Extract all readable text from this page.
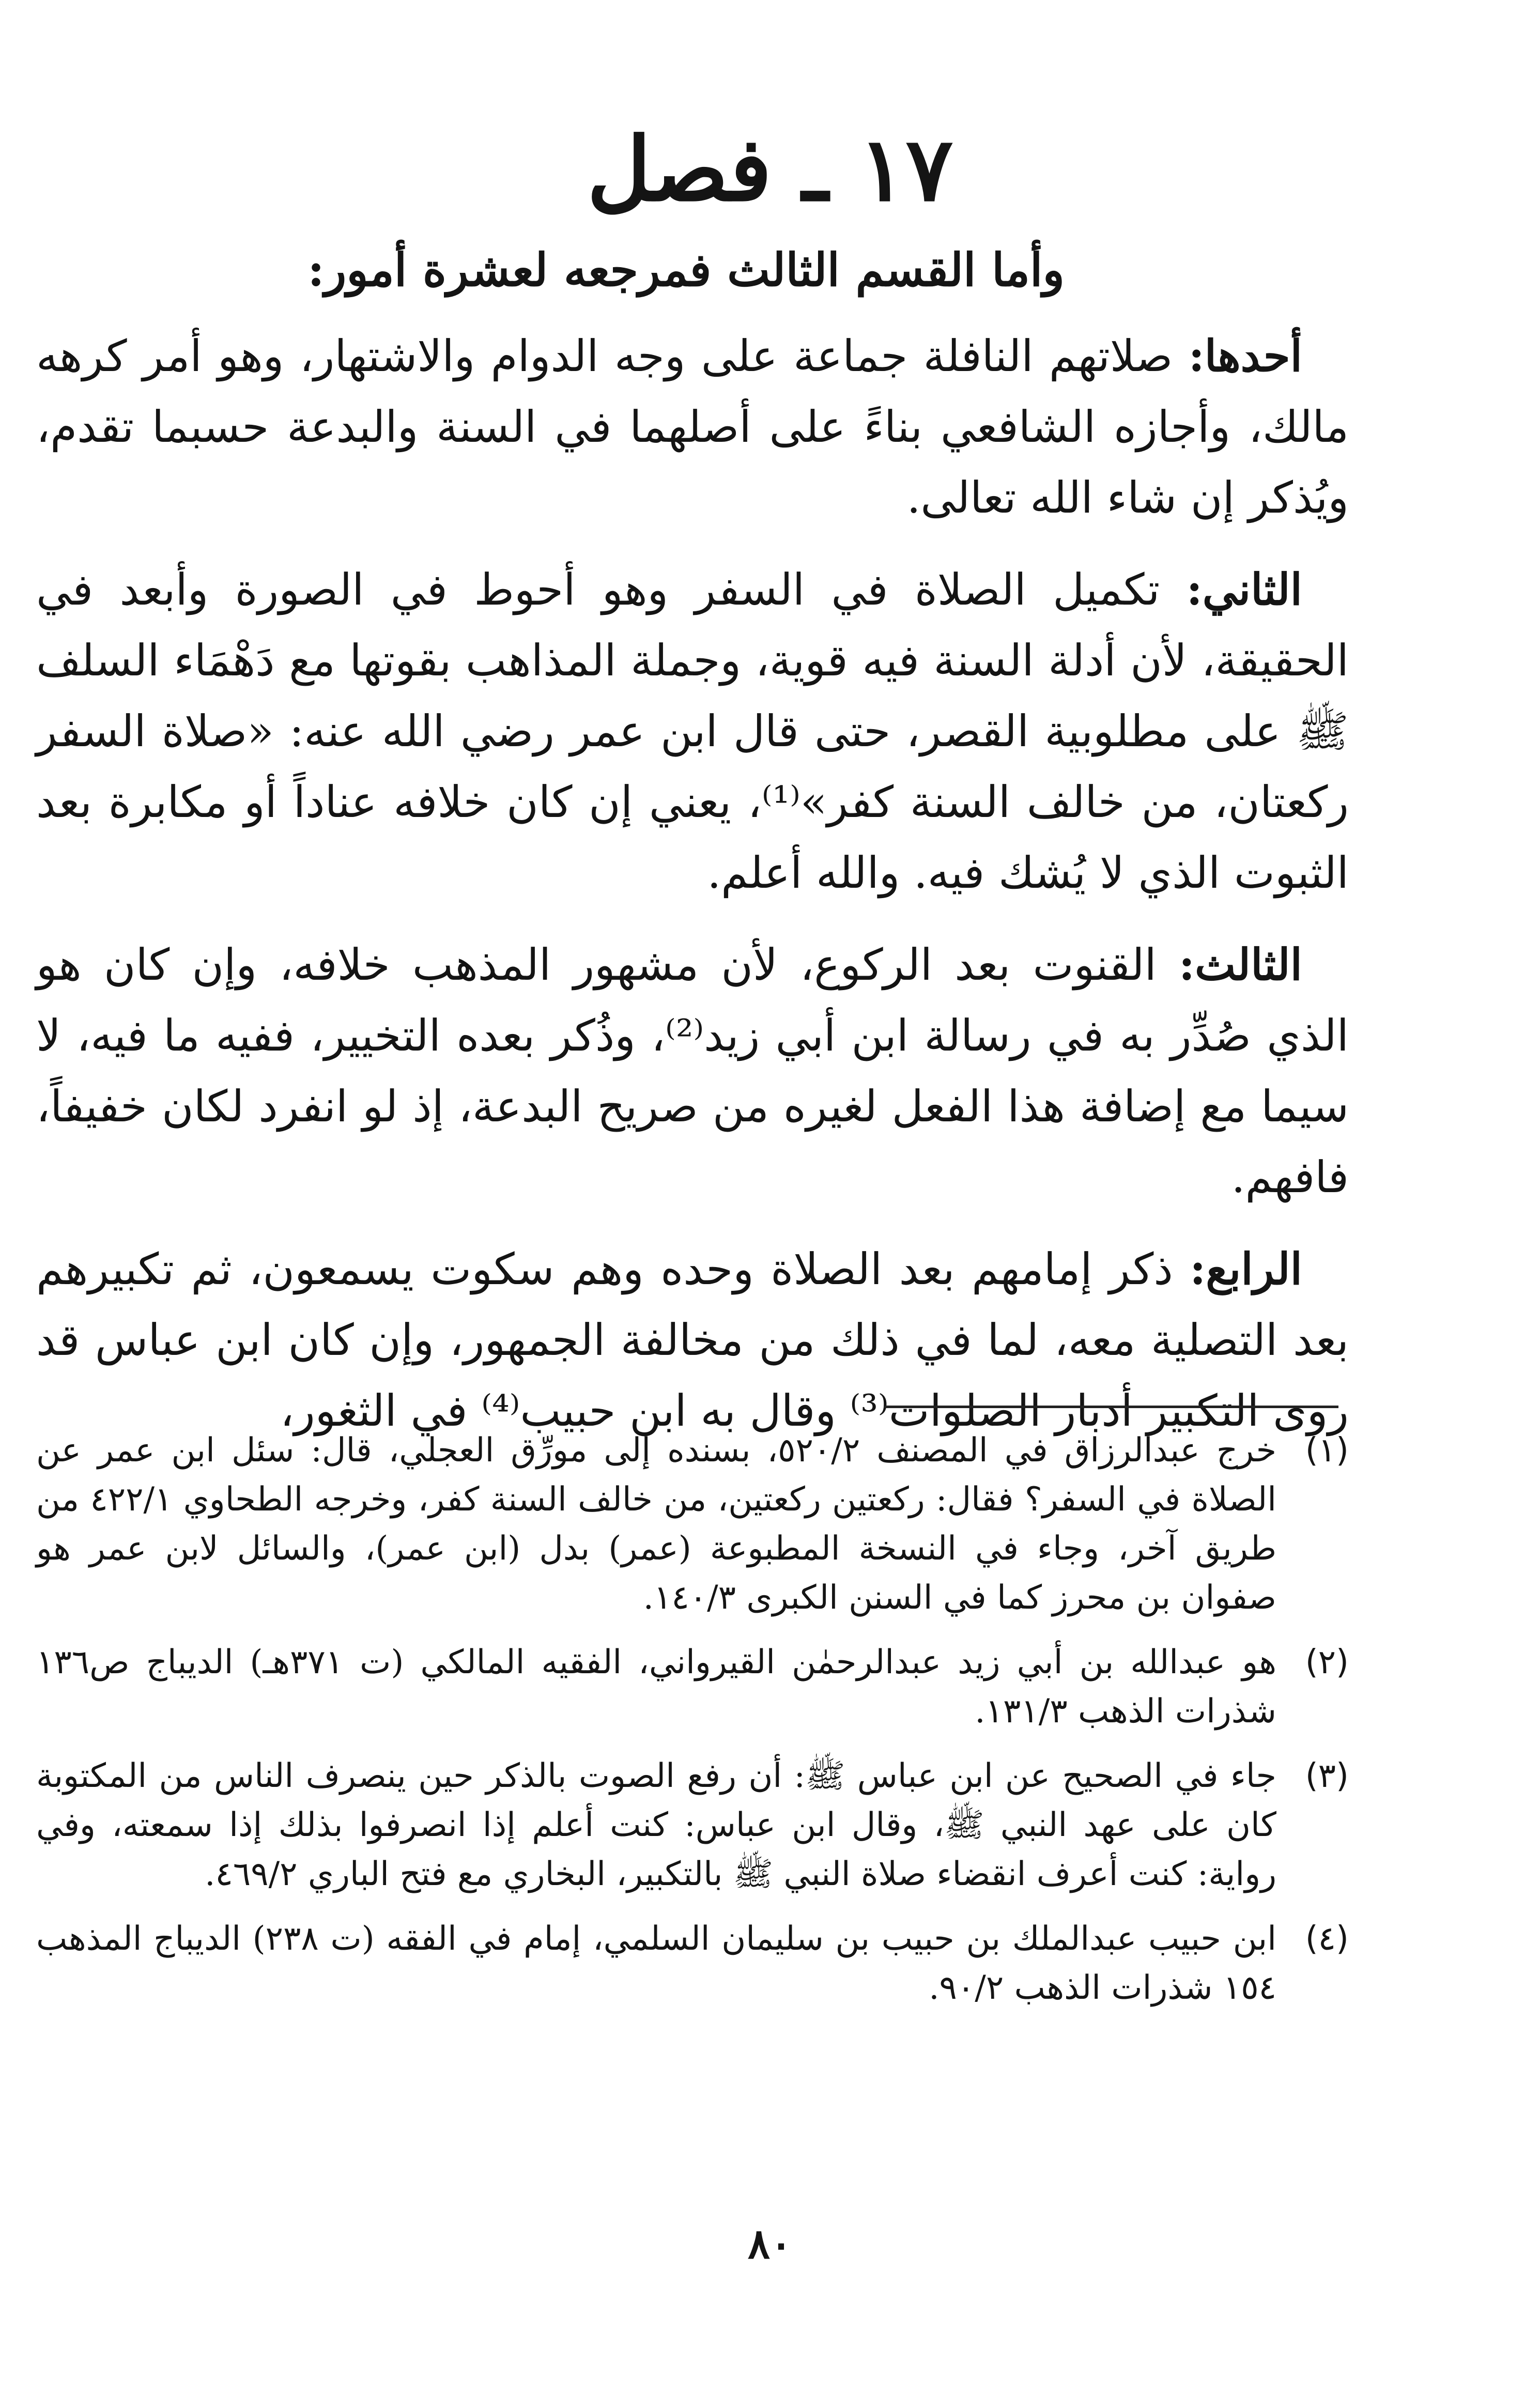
١٧ ـ فصل
وأما القسم الثالث فمرجعه لعشرة أمور:

أحدها: صلاتهم النافلة جماعة على وجه الدوام والاشتهار، وهو أمر كرهه مالك، وأجازه الشافعي بناءً على أصلهما في السنة والبدعة حسبما تقدم، ويُذكر إن شاء الله تعالى.

الثاني: تكميل الصلاة في السفر وهو أحوط في الصورة وأبعد في الحقيقة، لأن أدلة السنة فيه قوية، وجملة المذاهب بقوتها مع دَهْمَاء السلف ﷺ على مطلوبية القصر، حتى قال ابن عمر رضي الله عنه: «صلاة السفر ركعتان، من خالف السنة كفر»⁽¹⁾، يعني إن كان خلافه عناداً أو مكابرة بعد الثبوت الذي لا يُشك فيه. والله أعلم.

الثالث: القنوت بعد الركوع، لأن مشهور المذهب خلافه، وإن كان هو الذي صُدِّر به في رسالة ابن أبي زيد⁽²⁾، وذُكر بعده التخيير، ففيه ما فيه، لا سيما مع إضافة هذا الفعل لغيره من صريح البدعة، إذ لو انفرد لكان خفيفاً، فافهم.

الرابع: ذكر إمامهم بعد الصلاة وحده وهم سكوت يسمعون، ثم تكبيرهم بعد التصلية معه، لما في ذلك من مخالفة الجمهور، وإن كان ابن عباس قد روى التكبير أدبار الصلوات⁽³⁾ وقال به ابن حبيب⁽⁴⁾ في الثغور،

(١)
خرج عبدالرزاق في المصنف ٥٢٠/٢، بسنده إلى مورِّق العجلي، قال: سئل ابن عمر عن الصلاة في السفر؟ فقال: ركعتين ركعتين، من خالف السنة كفر، وخرجه الطحاوي ٤٢٢/١ من طريق آخر، وجاء في النسخة المطبوعة (عمر) بدل (ابن عمر)، والسائل لابن عمر هو صفوان بن محرز كما في السنن الكبرى ١٤٠/٣.
(٢)
هو عبدالله بن أبي زيد عبدالرحمٰن القيرواني، الفقيه المالكي (ت ٣٧١هـ) الديباج ص١٣٦ شذرات الذهب ١٣١/٣.
(٣)
جاء في الصحيح عن ابن عباس ﷺ: أن رفع الصوت بالذكر حين ينصرف الناس من المكتوبة كان على عهد النبي ﷺ، وقال ابن عباس: كنت أعلم إذا انصرفوا بذلك إذا سمعته، وفي رواية: كنت أعرف انقضاء صلاة النبي ﷺ بالتكبير، البخاري مع فتح الباري ٤٦٩/٢.
(٤)
ابن حبيب عبدالملك بن حبيب بن سليمان السلمي، إمام في الفقه (ت ٢٣٨) الديباج المذهب ١٥٤ شذرات الذهب ٩٠/٢.
٨٠
